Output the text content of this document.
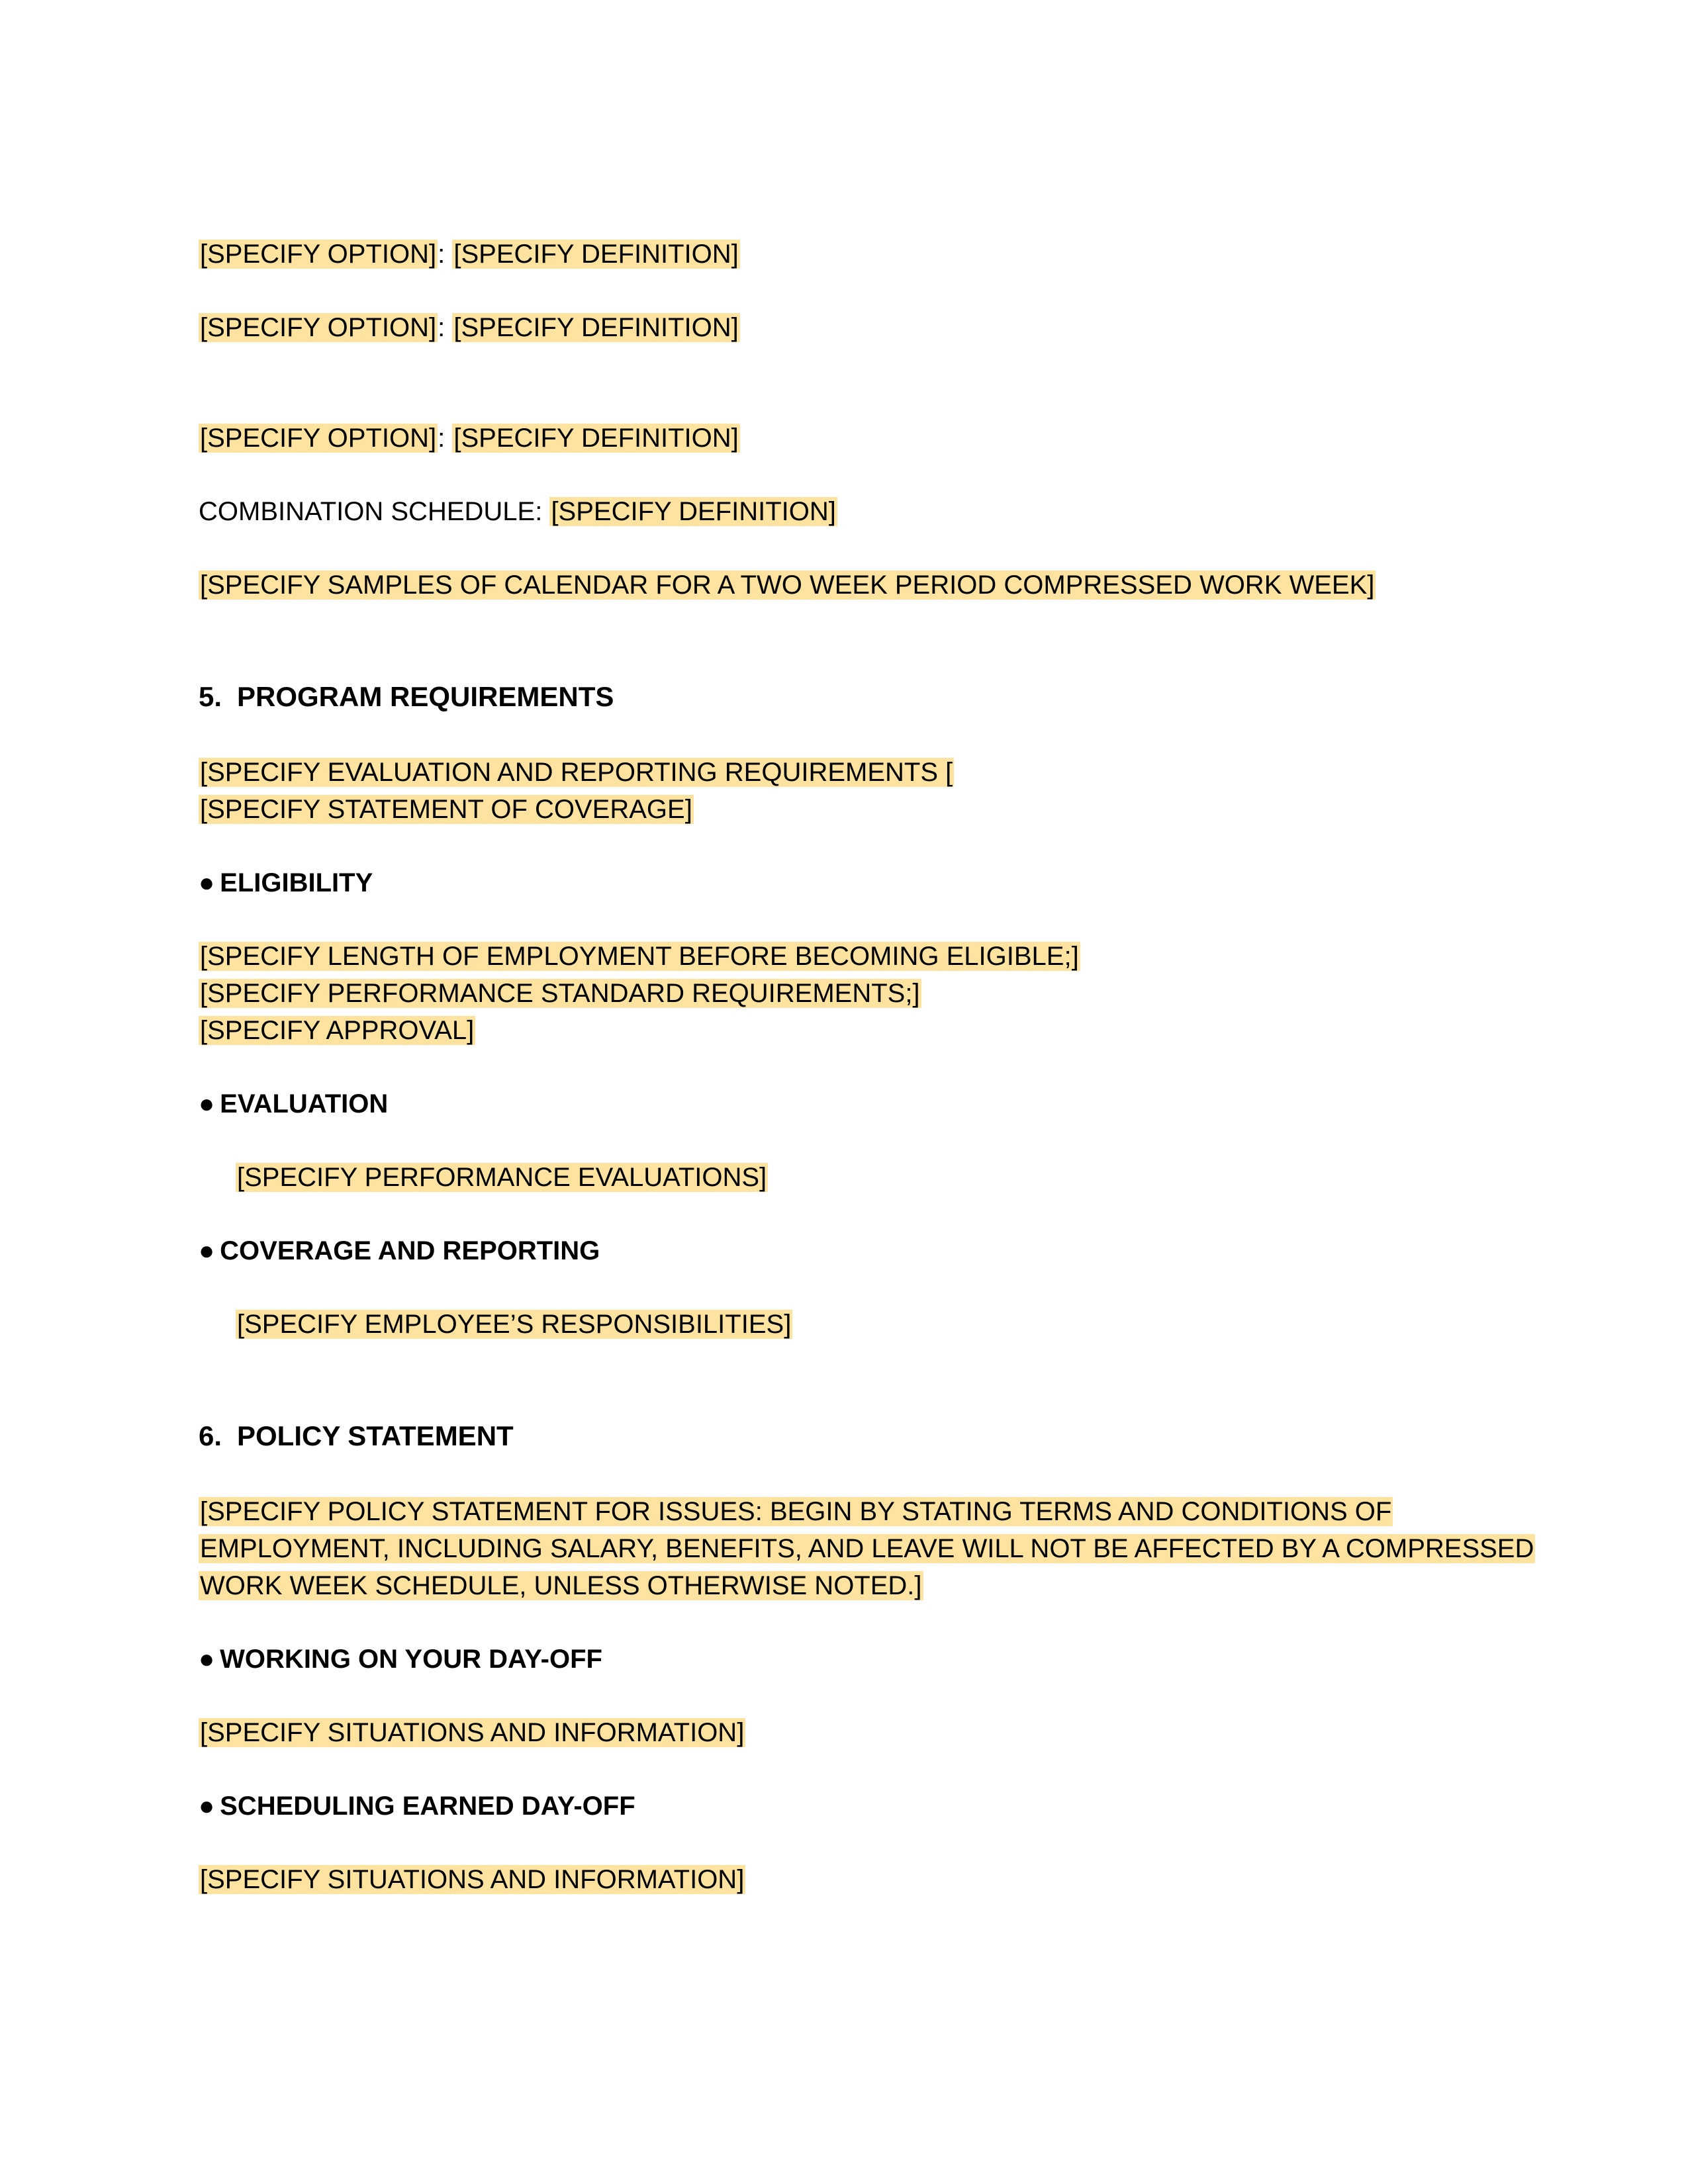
[SPECIFY OPTION]: [SPECIFY DEFINITION]
[SPECIFY OPTION]: [SPECIFY DEFINITION]
[SPECIFY OPTION]: [SPECIFY DEFINITION]
COMBINATION SCHEDULE: [SPECIFY DEFINITION]
[SPECIFY SAMPLES OF CALENDAR FOR A TWO WEEK PERIOD COMPRESSED WORK WEEK]
5. PROGRAM REQUIREMENTS
[SPECIFY EVALUATION AND REPORTING REQUIREMENTS [
[SPECIFY STATEMENT OF COVERAGE]
● ELIGIBILITY
[SPECIFY LENGTH OF EMPLOYMENT BEFORE BECOMING ELIGIBLE;]
[SPECIFY PERFORMANCE STANDARD REQUIREMENTS;]
[SPECIFY APPROVAL]
● EVALUATION
[SPECIFY PERFORMANCE EVALUATIONS]
● COVERAGE AND REPORTING
[SPECIFY EMPLOYEE’S RESPONSIBILITIES]
6. POLICY STATEMENT
[SPECIFY POLICY STATEMENT FOR ISSUES: BEGIN BY STATING TERMS AND CONDITIONS OF
EMPLOYMENT, INCLUDING SALARY, BENEFITS, AND LEAVE WILL NOT BE AFFECTED BY A COMPRESSED
WORK WEEK SCHEDULE, UNLESS OTHERWISE NOTED.]
● WORKING ON YOUR DAY-OFF
[SPECIFY SITUATIONS AND INFORMATION]
● SCHEDULING EARNED DAY-OFF
[SPECIFY SITUATIONS AND INFORMATION]
